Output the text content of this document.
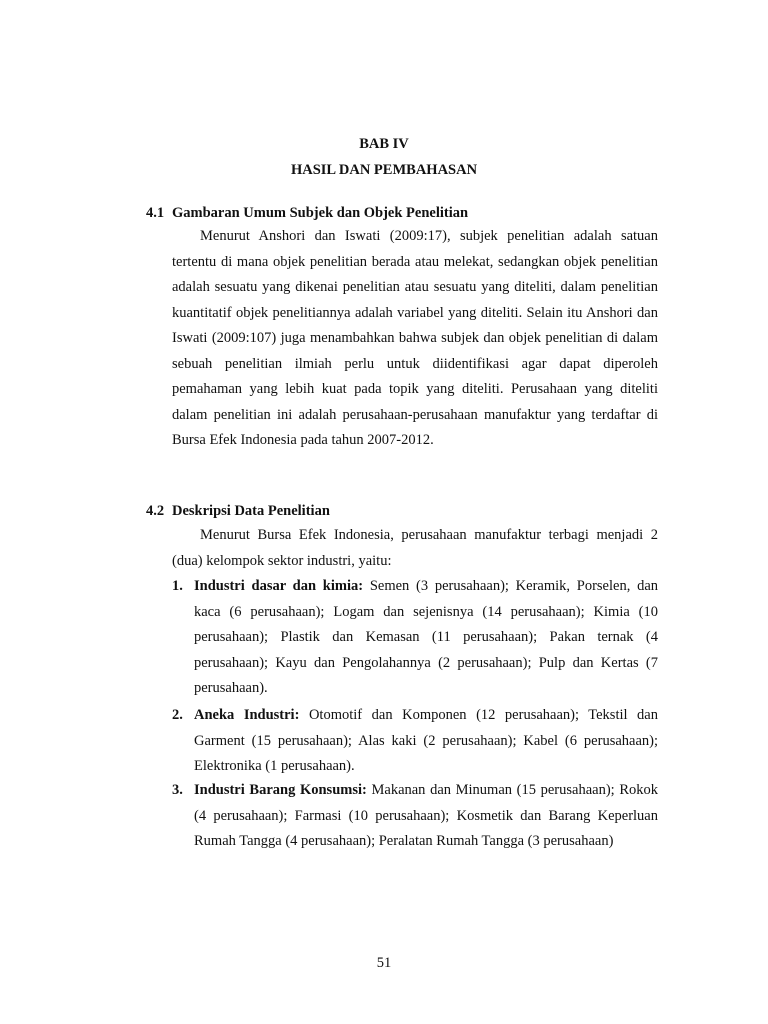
BAB IV
HASIL DAN PEMBAHASAN
4.1 Gambaran Umum Subjek dan Objek Penelitian
Menurut Anshori dan Iswati (2009:17), subjek penelitian adalah satuan tertentu di mana objek penelitian berada atau melekat, sedangkan objek penelitian adalah sesuatu yang dikenai penelitian atau sesuatu yang diteliti, dalam penelitian kuantitatif objek penelitiannya adalah variabel yang diteliti. Selain itu Anshori dan Iswati (2009:107) juga menambahkan bahwa subjek dan objek penelitian di dalam sebuah penelitian ilmiah perlu untuk diidentifikasi agar dapat diperoleh pemahaman yang lebih kuat pada topik yang diteliti. Perusahaan yang diteliti dalam penelitian ini adalah perusahaan-perusahaan manufaktur yang terdaftar di Bursa Efek Indonesia pada tahun 2007-2012.
4.2 Deskripsi Data Penelitian
Menurut Bursa Efek Indonesia, perusahaan manufaktur terbagi menjadi 2 (dua) kelompok sektor industri, yaitu:
1. Industri dasar dan kimia: Semen (3 perusahaan); Keramik, Porselen, dan kaca (6 perusahaan); Logam dan sejenisnya (14 perusahaan); Kimia (10 perusahaan); Plastik dan Kemasan (11 perusahaan); Pakan ternak (4 perusahaan); Kayu dan Pengolahannya (2 perusahaan); Pulp dan Kertas (7 perusahaan).
2. Aneka Industri: Otomotif dan Komponen (12 perusahaan); Tekstil dan Garment (15 perusahaan); Alas kaki (2 perusahaan); Kabel (6 perusahaan); Elektronika (1 perusahaan).
3. Industri Barang Konsumsi: Makanan dan Minuman (15 perusahaan); Rokok (4 perusahaan); Farmasi (10 perusahaan); Kosmetik dan Barang Keperluan Rumah Tangga (4 perusahaan); Peralatan Rumah Tangga (3 perusahaan)
51
